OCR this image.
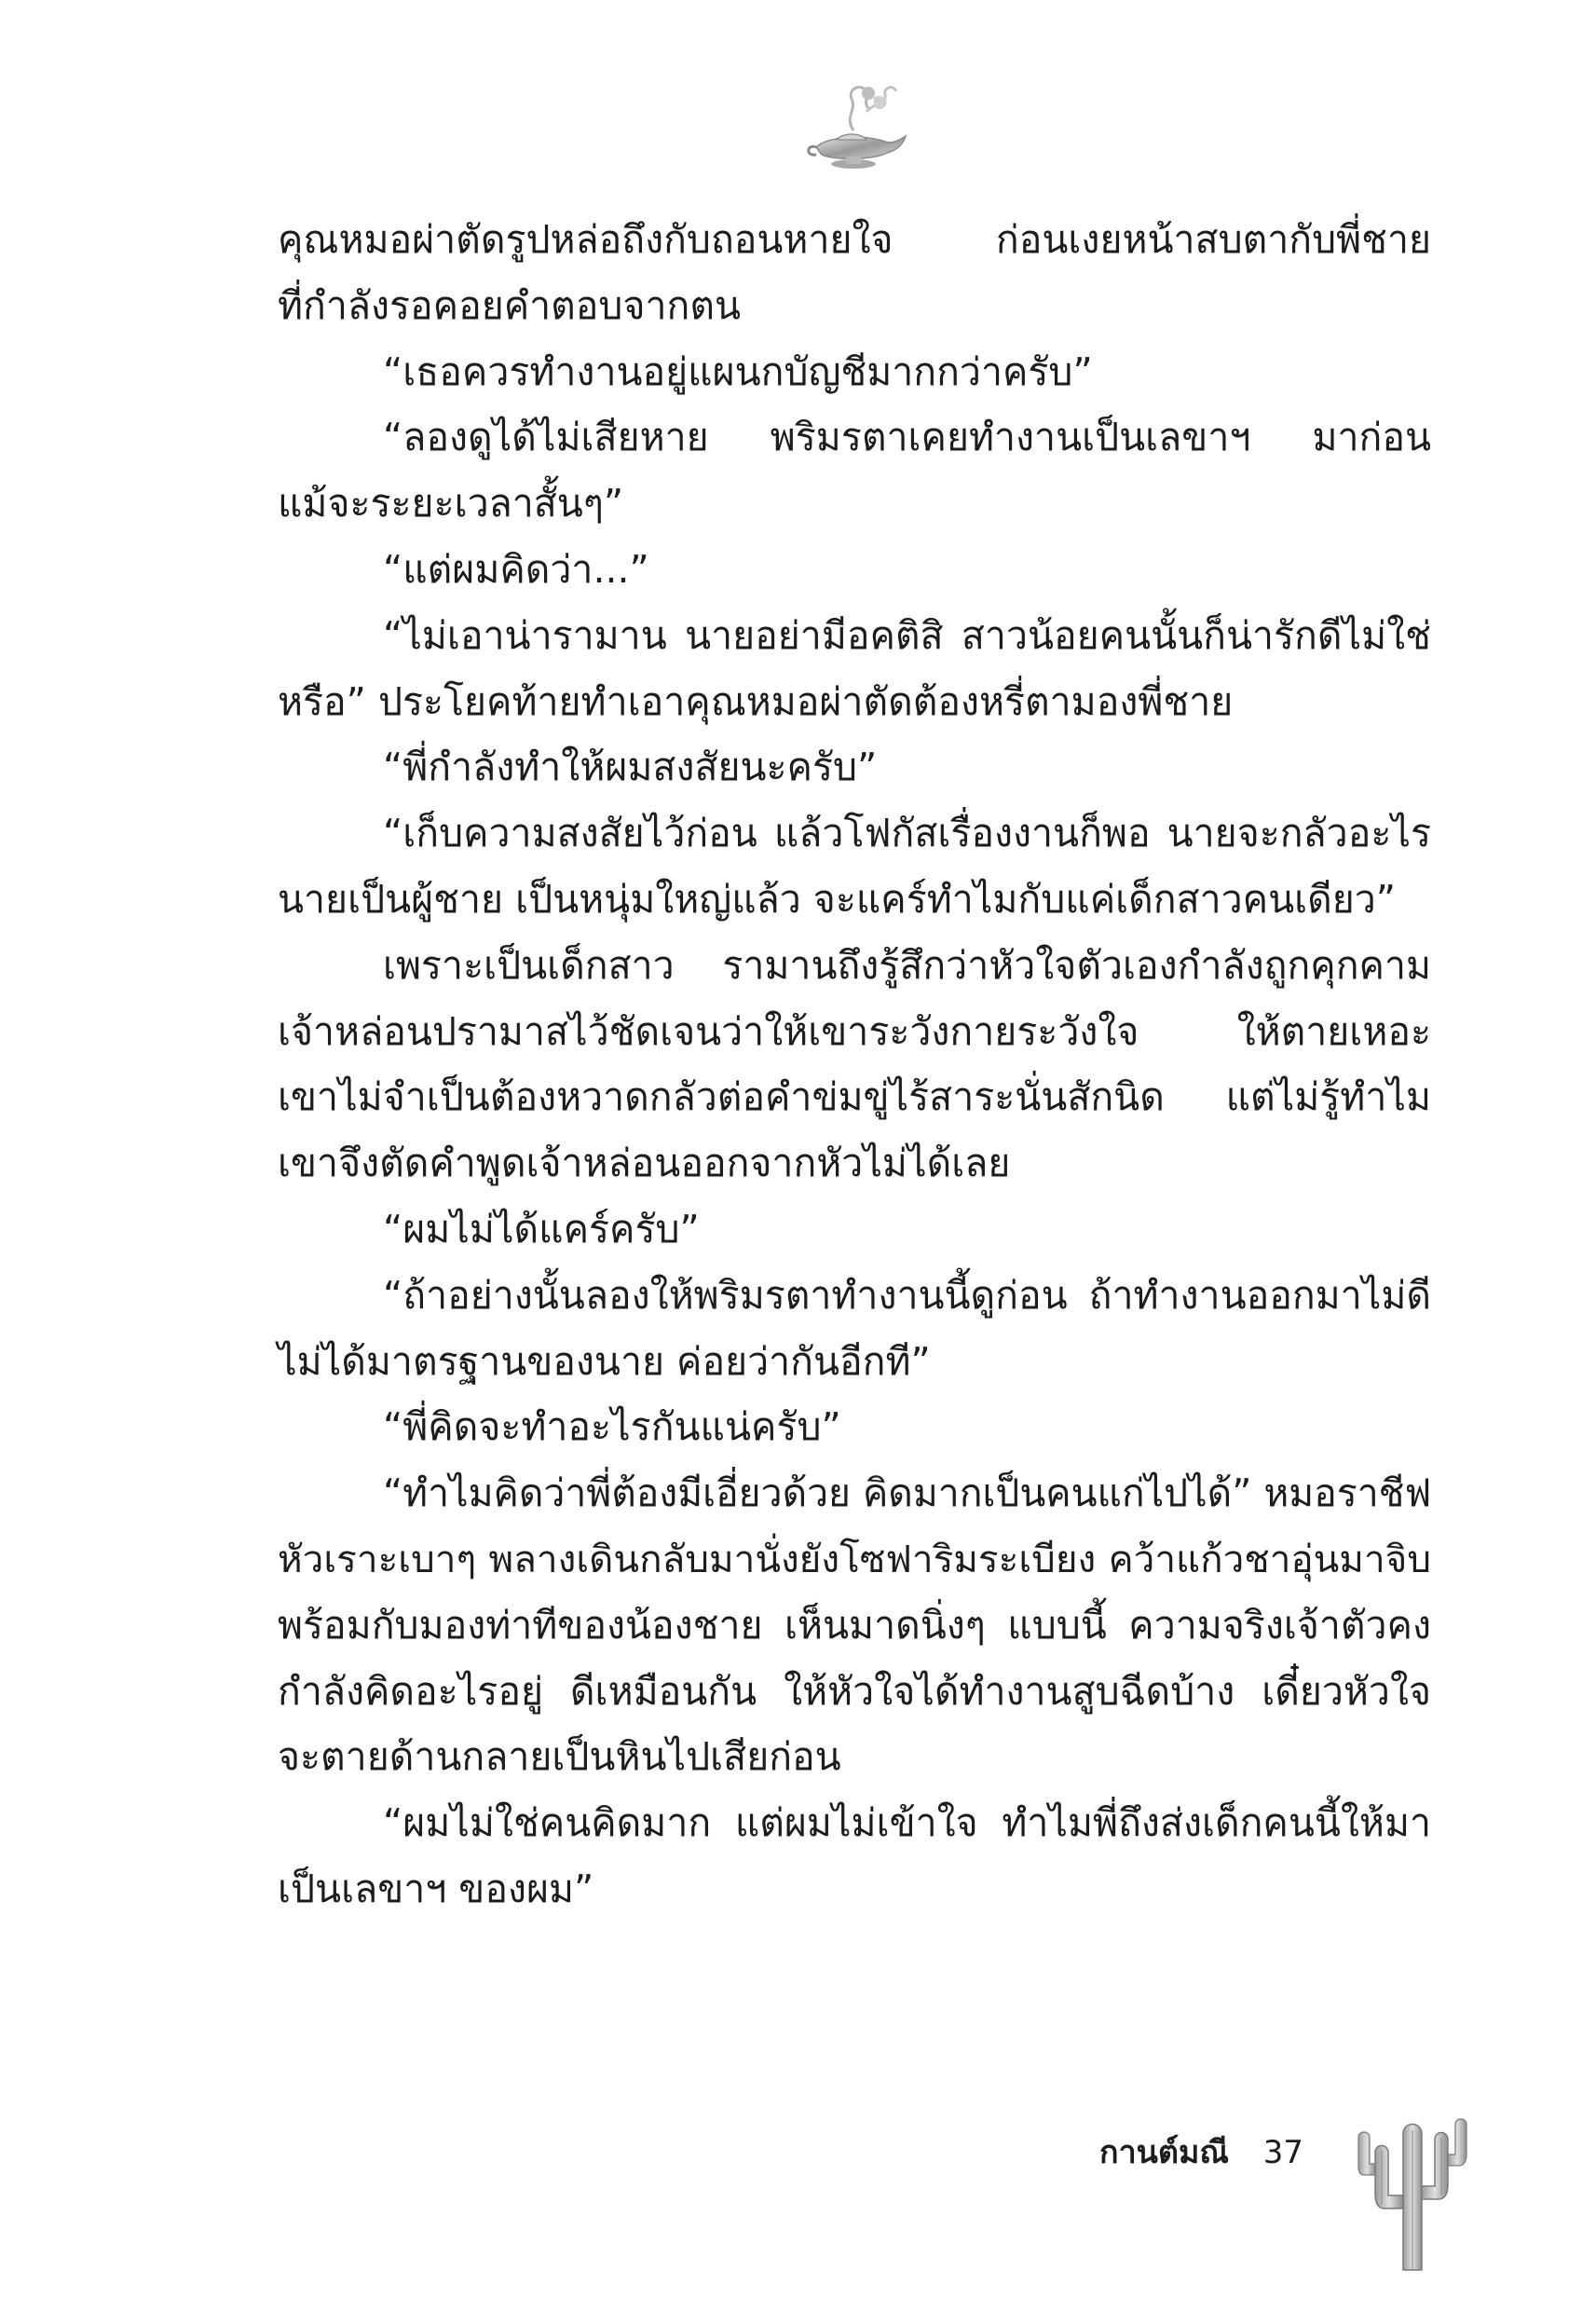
คุณหมอผ่าตัดรูปหล่อถึงกับถอนหายใจ ก่อนเงยหน้าสบตากับพี่ชาย
ที่กำลังรอคอยคำตอบจากตน

“เธอควรทำงานอยู่แผนกบัญชีมากกว่าครับ”

“ลองดูได้ไม่เสียหาย พริมรตาเคยทำงานเป็นเลขาฯ มาก่อน
แม้จะระยะเวลาสั้นๆ”

“แต่ผมคิดว่า...”

“ไม่เอาน่ารามาน นายอย่ามีอคติสิ สาวน้อยคนนั้นก็น่ารักดีไม่ใช่
หรือ” ประโยคท้ายทำเอาคุณหมอผ่าตัดต้องหรี่ตามองพี่ชาย

“พี่กำลังทำให้ผมสงสัยนะครับ”

“เก็บความสงสัยไว้ก่อน แล้วโฟกัสเรื่องงานก็พอ นายจะกลัวอะไร
นายเป็นผู้ชาย เป็นหนุ่มใหญ่แล้ว จะแคร์ทำไมกับแค่เด็กสาวคนเดียว”

เพราะเป็นเด็กสาว รามานถึงรู้สึกว่าหัวใจตัวเองกำลังถูกคุกคาม
เจ้าหล่อนปรามาสไว้ชัดเจนว่าให้เขาระวังกายระวังใจ ให้ตายเหอะ
เขาไม่จำเป็นต้องหวาดกลัวต่อคำข่มขู่ไร้สาระนั่นสักนิด แต่ไม่รู้ทำไม
เขาจึงตัดคำพูดเจ้าหล่อนออกจากหัวไม่ได้เลย

“ผมไม่ได้แคร์ครับ”

“ถ้าอย่างนั้นลองให้พริมรตาทำงานนี้ดูก่อน ถ้าทำงานออกมาไม่ดี
ไม่ได้มาตรฐานของนาย ค่อยว่ากันอีกที”

“พี่คิดจะทำอะไรกันแน่ครับ”

“ทำไมคิดว่าพี่ต้องมีเอี่ยวด้วย คิดมากเป็นคนแก่ไปได้” หมอราชีฟ
หัวเราะเบาๆ พลางเดินกลับมานั่งยังโซฟาริมระเบียง คว้าแก้วชาอุ่นมาจิบ
พร้อมกับมองท่าทีของน้องชาย เห็นมาดนิ่งๆ แบบนี้ ความจริงเจ้าตัวคง
กำลังคิดอะไรอยู่ ดีเหมือนกัน ให้หัวใจได้ทำงานสูบฉีดบ้าง เดี๋ยวหัวใจ
จะตายด้านกลายเป็นหินไปเสียก่อน

“ผมไม่ใช่คนคิดมาก แต่ผมไม่เข้าใจ ทำไมพี่ถึงส่งเด็กคนนี้ให้มา
เป็นเลขาฯ ของผม”

กานต์มณี 37
